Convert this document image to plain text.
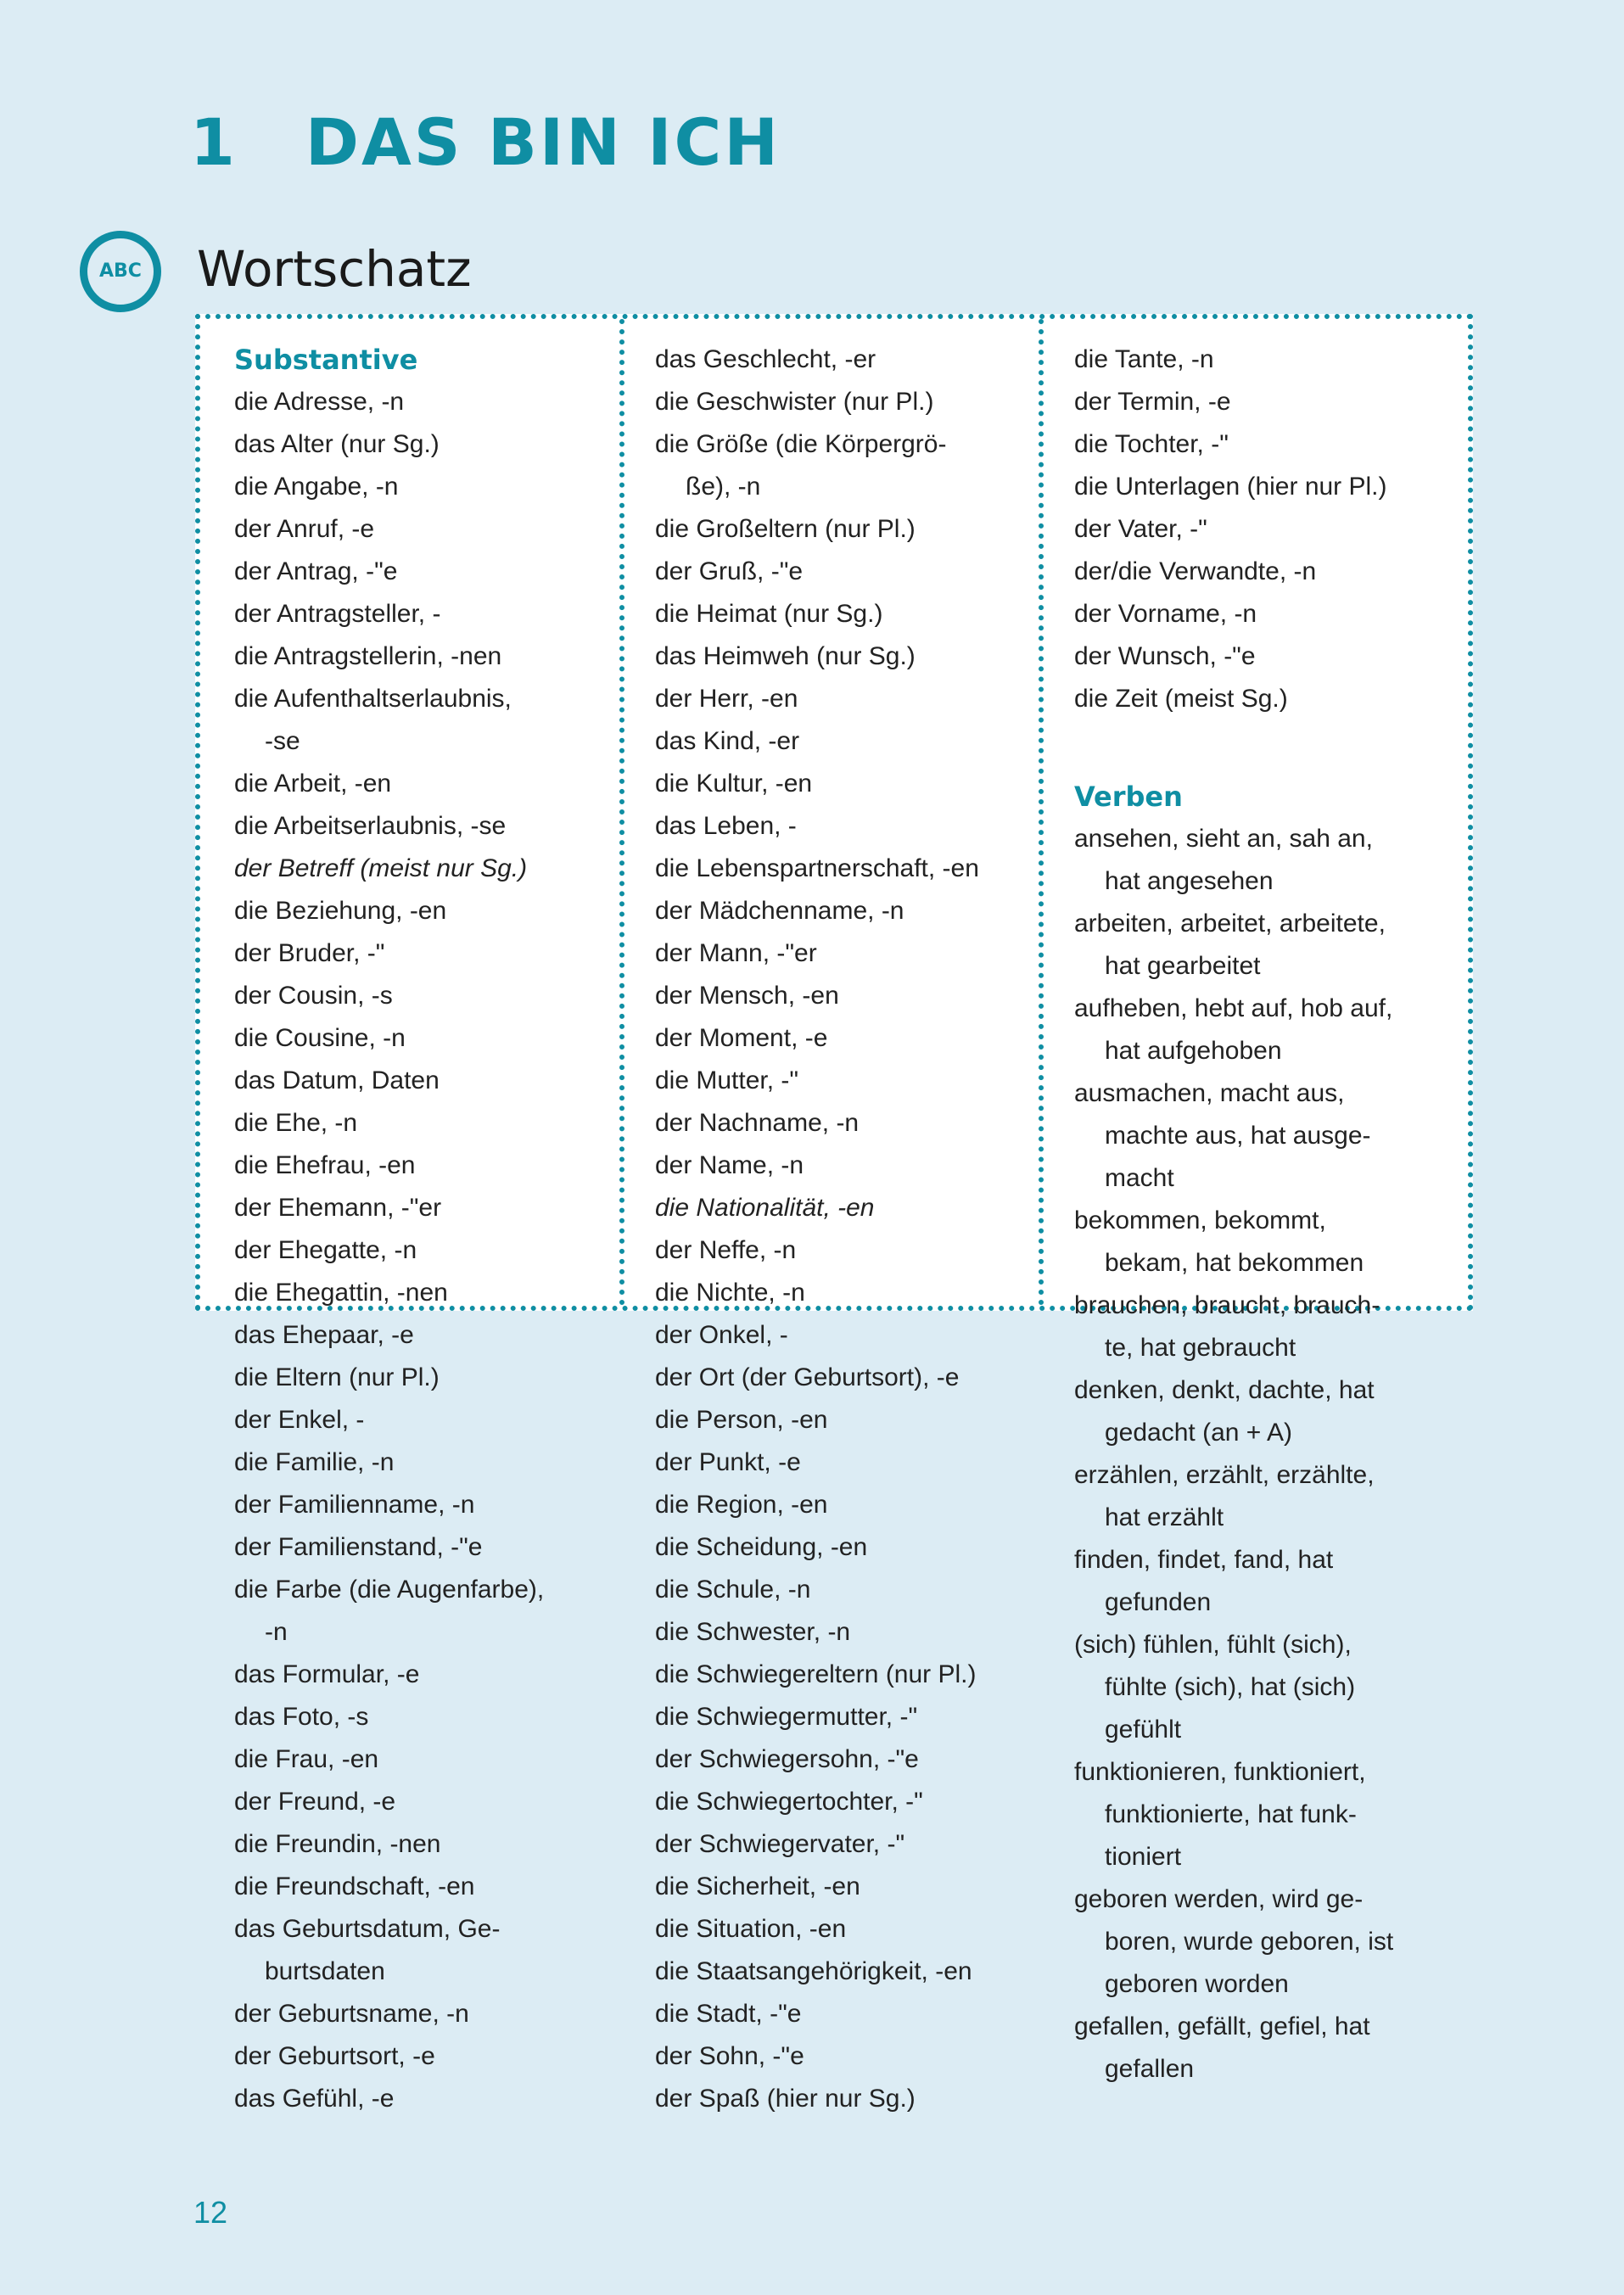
1 DAS BIN ICH
ABC	Wortschatz
Substantive
die Adresse, -n
das Alter (nur Sg.)
die Angabe, -n
der Anruf, -e
der Antrag, -"e
der Antragsteller, -
die Antragstellerin, -nen
die Aufenthaltserlaubnis,
-se
die Arbeit, -en
die Arbeitserlaubnis, -se
der Betreff (meist nur Sg.)
die Beziehung, -en
der Bruder, -"
der Cousin, -s
die Cousine, -n
das Datum, Daten
die Ehe, -n
die Ehefrau, -en
der Ehemann, -"er
der Ehegatte, -n
die Ehegattin, -nen
das Ehepaar, -e
die Eltern (nur Pl.)
der Enkel, -
die Familie, -n
der Familienname, -n
der Familienstand, -"e
die Farbe (die Augenfarbe),
-n
das Formular, -e
das Foto, -s
die Frau, -en
der Freund, -e
die Freundin, -nen
die Freundschaft, -en
das Geburtsdatum, Ge-
burtsdaten
der Geburtsname, -n
der Geburtsort, -e
das Gefühl, -e
das Geschlecht, -er
die Geschwister (nur Pl.)
die Größe (die Körpergrö-
ße), -n
die Großeltern (nur Pl.)
der Gruß, -"e
die Heimat (nur Sg.)
das Heimweh (nur Sg.)
der Herr, -en
das Kind, -er
die Kultur, -en
das Leben, -
die Lebenspartnerschaft, -en
der Mädchenname, -n
der Mann, -"er
der Mensch, -en
der Moment, -e
die Mutter, -"
der Nachname, -n
der Name, -n
die Nationalität, -en
der Neffe, -n
die Nichte, -n
der Onkel, -
der Ort (der Geburtsort), -e
die Person, -en
der Punkt, -e
die Region, -en
die Scheidung, -en
die Schule, -n
die Schwester, -n
die Schwiegereltern (nur Pl.)
die Schwiegermutter, -"
der Schwiegersohn, -"e
die Schwiegertochter, -"
der Schwiegervater, -"
die Sicherheit, -en
die Situation, -en
die Staatsangehörigkeit, -en
die Stadt, -"e
der Sohn, -"e
der Spaß (hier nur Sg.)
die Tante, -n
der Termin, -e
die Tochter, -"
die Unterlagen (hier nur Pl.)
der Vater, -"
der/die Verwandte, -n
der Vorname, -n
der Wunsch, -"e
die Zeit (meist Sg.)
Verben
ansehen, sieht an, sah an,
hat angesehen
arbeiten, arbeitet, arbeitete,
hat gearbeitet
aufheben, hebt auf, hob auf,
hat aufgehoben
ausmachen, macht aus,
machte aus, hat ausge-
macht
bekommen, bekommt,
bekam, hat bekommen
brauchen, braucht, brauch-
te, hat gebraucht
denken, denkt, dachte, hat
gedacht (an + A)
erzählen, erzählt, erzählte,
hat erzählt
finden, findet, fand, hat
gefunden
(sich) fühlen, fühlt (sich),
fühlte (sich), hat (sich)
gefühlt
funktionieren, funktioniert,
funktionierte, hat funk-
tioniert
geboren werden, wird ge-
boren, wurde geboren, ist
geboren worden
gefallen, gefällt, gefiel, hat
gefallen
12
